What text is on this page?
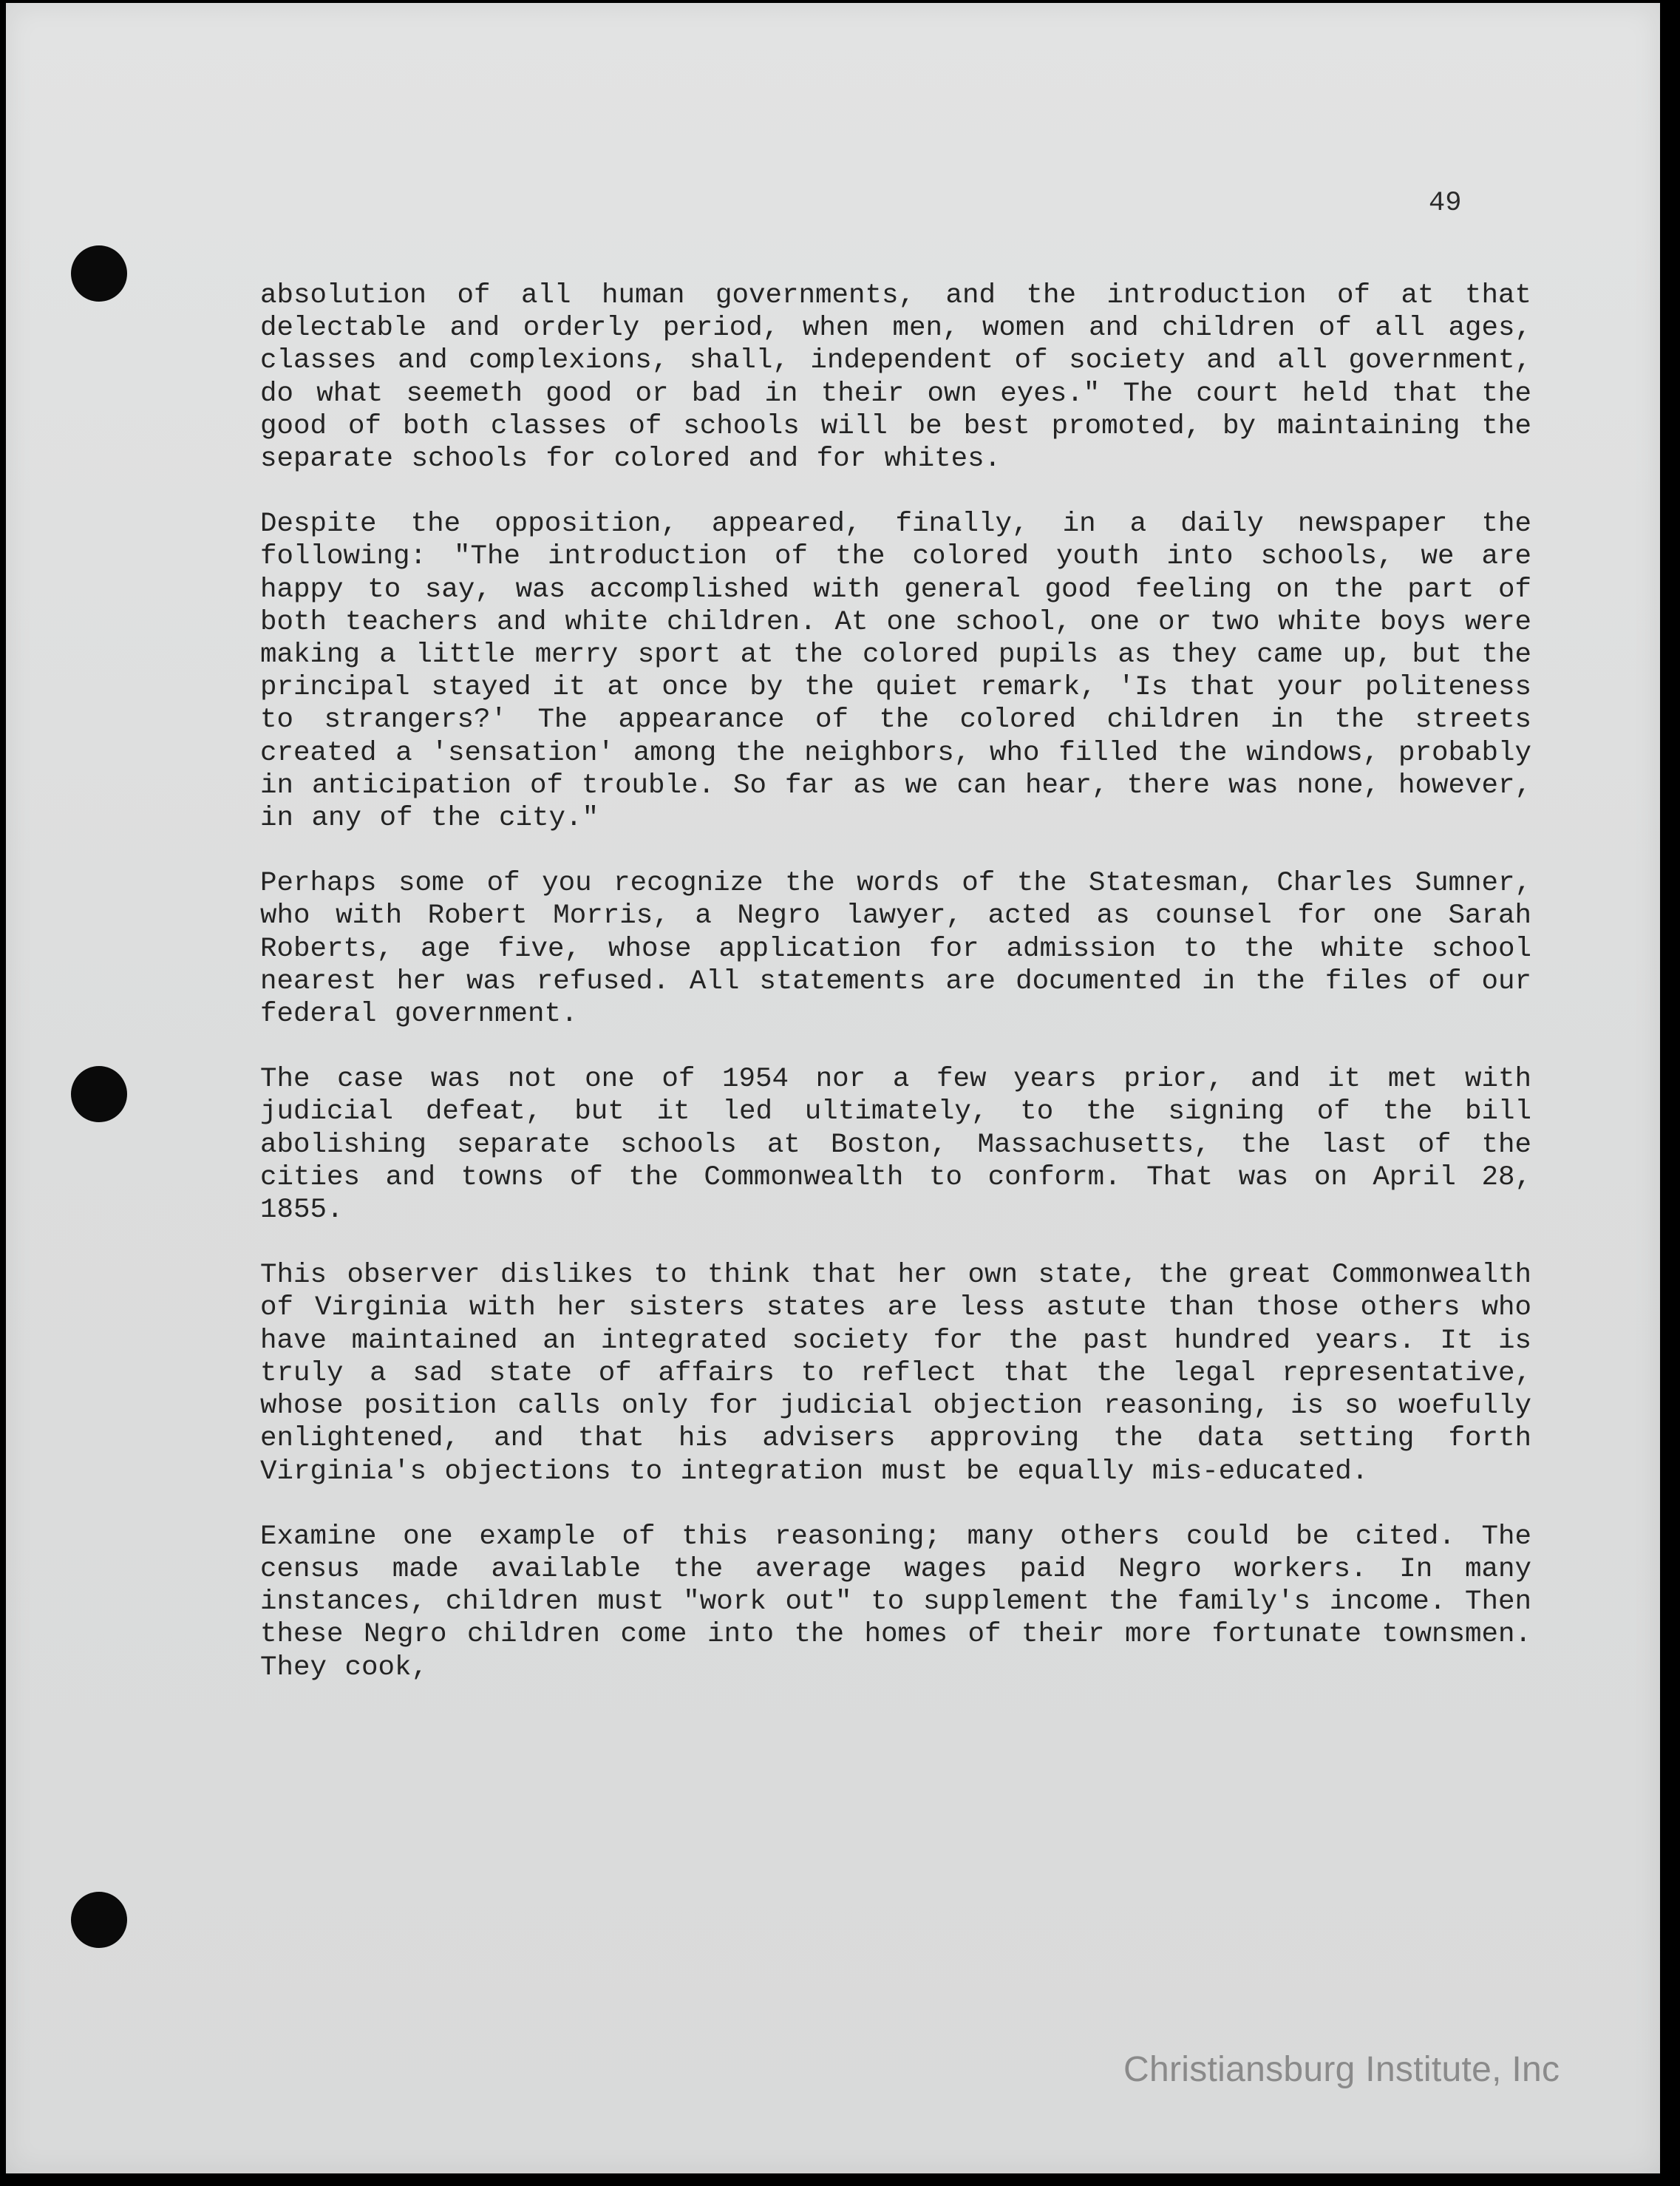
49

absolution of all human governments, and the introduction of at that delectable and orderly period, when men, women and children of all ages, classes and complexions, shall, independent of society and all government, do what seemeth good or bad in their own eyes." The court held that the good of both classes of schools will be best promoted, by maintaining the separate schools for colored and for whites.

Despite the opposition, appeared, finally, in a daily newspaper the following: "The introduction of the colored youth into schools, we are happy to say, was accomplished with general good feeling on the part of both teachers and white children. At one school, one or two white boys were making a little merry sport at the colored pupils as they came up, but the principal stayed it at once by the quiet remark, 'Is that your politeness to strangers?' The appearance of the colored children in the streets created a 'sensation' among the neighbors, who filled the windows, probably in anticipation of trouble. So far as we can hear, there was none, however, in any of the city."

Perhaps some of you recognize the words of the Statesman, Charles Sumner, who with Robert Morris, a Negro lawyer, acted as counsel for one Sarah Roberts, age five, whose application for admission to the white school nearest her was refused. All statements are documented in the files of our federal government.

The case was not one of 1954 nor a few years prior, and it met with judicial defeat, but it led ultimately, to the signing of the bill abolishing separate schools at Boston, Massachusetts, the last of the cities and towns of the Commonwealth to conform. That was on April 28, 1855.

This observer dislikes to think that her own state, the great Commonwealth of Virginia with her sisters states are less astute than those others who have maintained an integrated society for the past hundred years. It is truly a sad state of affairs to reflect that the legal representative, whose position calls only for judicial objection reasoning, is so woefully enlightened, and that his advisers approving the data setting forth Virginia's objections to integration must be equally mis-educated.

Examine one example of this reasoning; many others could be cited. The census made available the average wages paid Negro workers. In many instances, children must "work out" to supplement the family's income. Then these Negro children come into the homes of their more fortunate townsmen. They cook,

Christiansburg Institute, Inc
